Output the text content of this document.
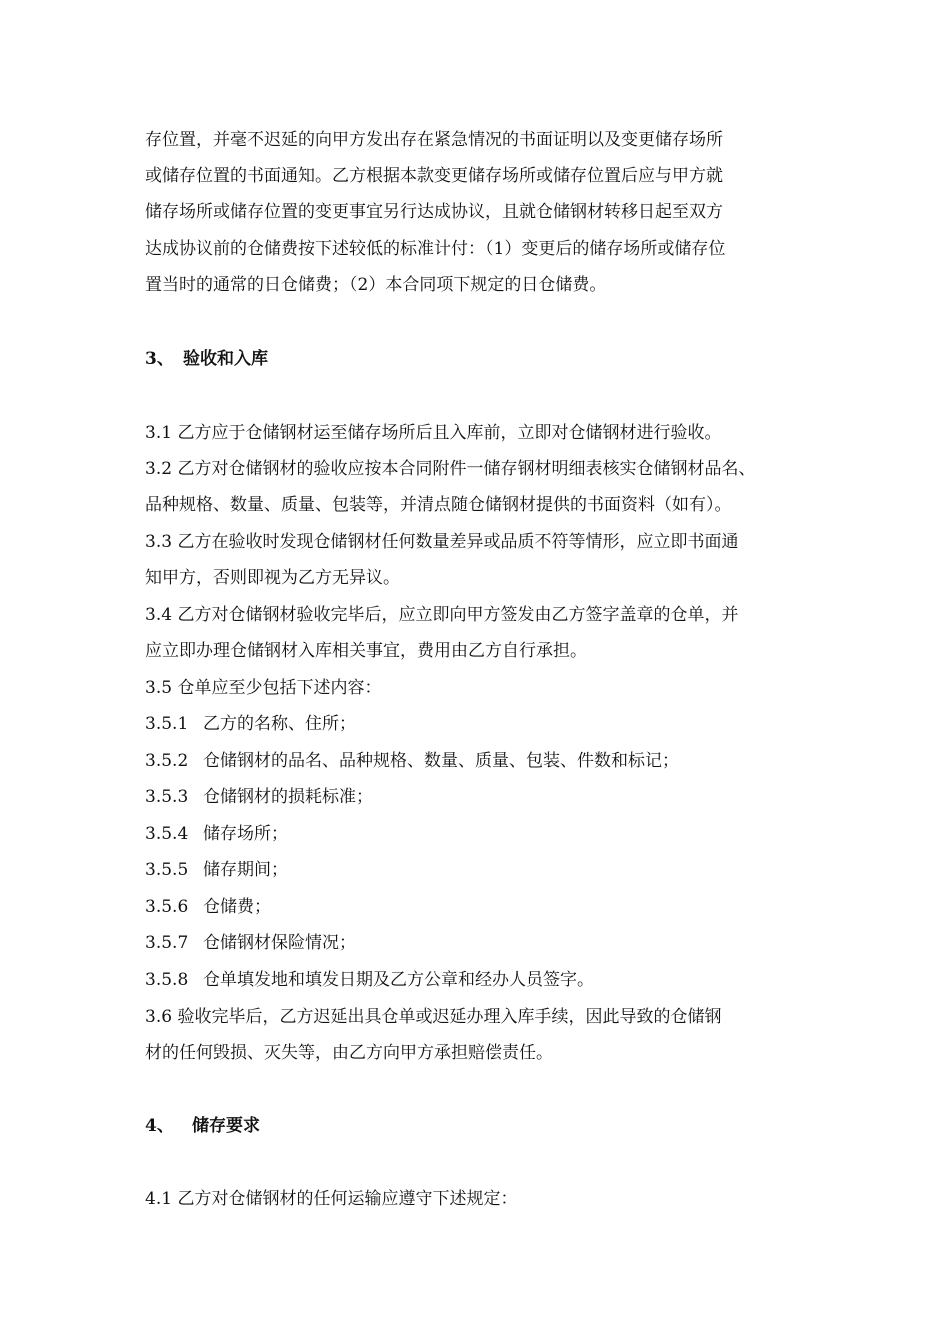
存位置，并毫不迟延的向甲方发出存在紧急情况的书面证明以及变更储存场所
或储存位置的书面通知。乙方根据本款变更储存场所或储存位置后应与甲方就
储存场所或储存位置的变更事宜另行达成协议，且就仓储钢材转移日起至双方
达成协议前的仓储费按下述较低的标准计付：（1）变更后的储存场所或储存位
置当时的通常的日仓储费；（2）本合同项下规定的日仓储费。
3、 验收和入库
3.1 乙方应于仓储钢材运至储存场所后且入库前，立即对仓储钢材进行验收。
3.2 乙方对仓储钢材的验收应按本合同附件一储存钢材明细表核实仓储钢材品名、
品种规格、数量、质量、包装等，并清点随仓储钢材提供的书面资料（如有）。
3.3 乙方在验收时发现仓储钢材任何数量差异或品质不符等情形，应立即书面通
知甲方，否则即视为乙方无异议。
3.4 乙方对仓储钢材验收完毕后，应立即向甲方签发由乙方签字盖章的仓单，并
应立即办理仓储钢材入库相关事宜，费用由乙方自行承担。
3.5 仓单应至少包括下述内容：
3.5.1 乙方的名称、住所；
3.5.2 仓储钢材的品名、品种规格、数量、质量、包装、件数和标记；
3.5.3 仓储钢材的损耗标准；
3.5.4 储存场所；
3.5.5 储存期间；
3.5.6 仓储费；
3.5.7 仓储钢材保险情况；
3.5.8 仓单填发地和填发日期及乙方公章和经办人员签字。
3.6 验收完毕后，乙方迟延出具仓单或迟延办理入库手续，因此导致的仓储钢
材的任何毁损、灭失等，由乙方向甲方承担赔偿责任。
4、 储存要求
4.1 乙方对仓储钢材的任何运输应遵守下述规定：
